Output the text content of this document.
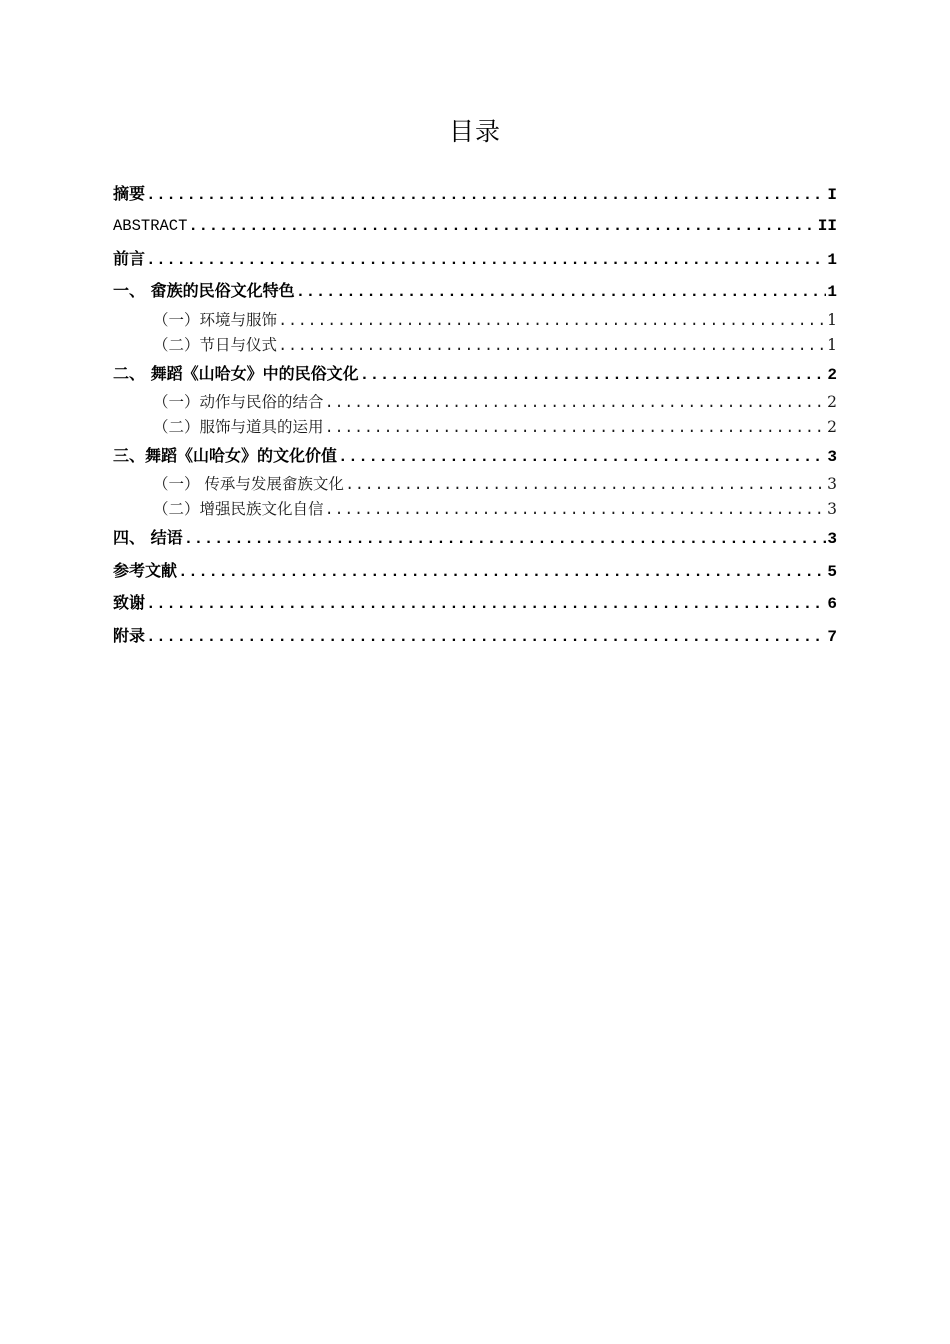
目录
摘要 .....	I
ABSTRACT .....	II
前言 .....	1
一、 畲族的民俗文化特色 .....	1
（一）环境与服饰 .....	1
（二）节日与仪式 .....	1
二、 舞蹈《山哈女》中的民俗文化 .....	2
（一）动作与民俗的结合 .....	2
（二）服饰与道具的运用 .....	2
三、舞蹈《山哈女》的文化价值 .....	3
（一） 传承与发展畲族文化 .....	3
（二）增强民族文化自信 .....	3
四、 结语 .....	3
参考文献 .....	5
致谢 .....	6
附录 .....	7
